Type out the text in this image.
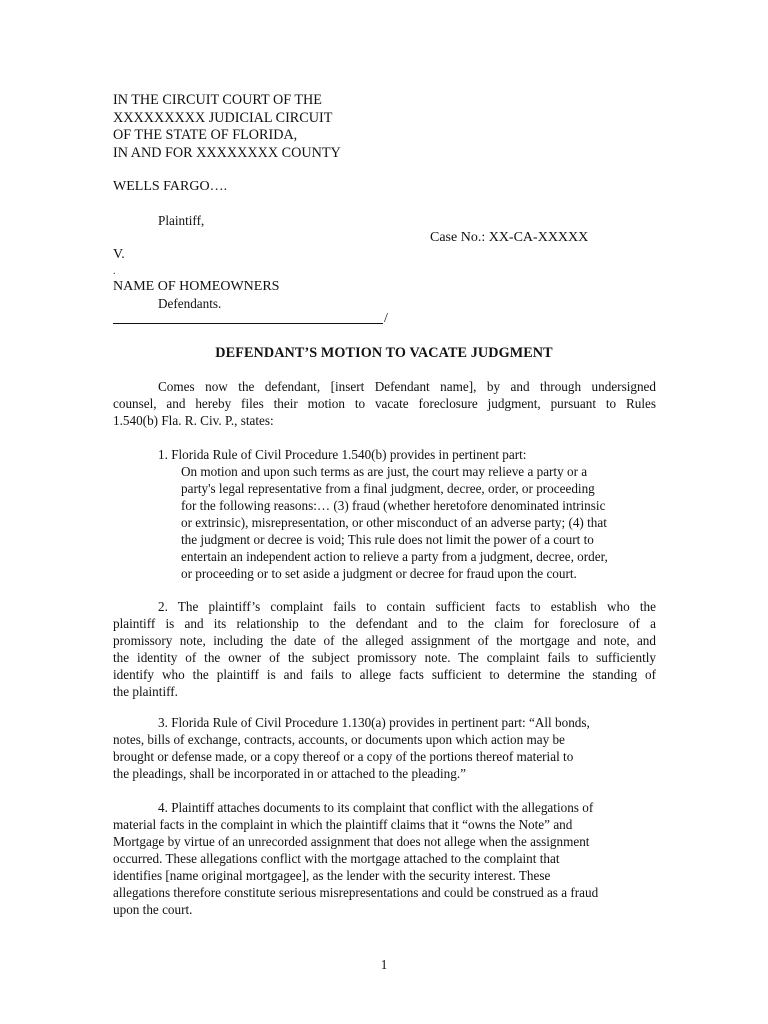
IN THE CIRCUIT COURT OF THE
XXXXXXXXX JUDICIAL CIRCUIT
OF THE STATE OF FLORIDA,
IN AND FOR XXXXXXXX COUNTY
WELLS FARGO….
Plaintiff,
Case No.: XX-CA-XXXXX
V.
.
NAME OF HOMEOWNERS
Defendants.
/
DEFENDANT’S MOTION TO VACATE JUDGMENT
Comes now the defendant, [insert Defendant name], by and through undersigned
counsel, and hereby files their motion to vacate foreclosure judgment, pursuant to Rules
1.540(b) Fla. R. Civ. P., states:
1. Florida Rule of Civil Procedure 1.540(b) provides in pertinent part:
On motion and upon such terms as are just, the court may relieve a party or a
party's legal representative from a final judgment, decree, order, or proceeding
for the following reasons:… (3) fraud (whether heretofore denominated intrinsic
or extrinsic), misrepresentation, or other misconduct of an adverse party; (4) that
the judgment or decree is void; This rule does not limit the power of a court to
entertain an independent action to relieve a party from a judgment, decree, order,
or proceeding or to set aside a judgment or decree for fraud upon the court.
2. The plaintiff’s complaint fails to contain sufficient facts to establish who the
plaintiff is and its relationship to the defendant and to the claim for foreclosure of a
promissory note, including the date of the alleged assignment of the mortgage and note, and
the identity of the owner of the subject promissory note. The complaint fails to sufficiently
identify who the plaintiff is and fails to allege facts sufficient to determine the standing of
the plaintiff.
3. Florida Rule of Civil Procedure 1.130(a) provides in pertinent part: “All bonds,
notes, bills of exchange, contracts, accounts, or documents upon which action may be
brought or defense made, or a copy thereof or a copy of the portions thereof material to
the pleadings, shall be incorporated in or attached to the pleading.”
4. Plaintiff attaches documents to its complaint that conflict with the allegations of
material facts in the complaint in which the plaintiff claims that it “owns the Note” and
Mortgage by virtue of an unrecorded assignment that does not allege when the assignment
occurred. These allegations conflict with the mortgage attached to the complaint that
identifies [name original mortgagee], as the lender with the security interest. These
allegations therefore constitute serious misrepresentations and could be construed as a fraud
upon the court.
1
